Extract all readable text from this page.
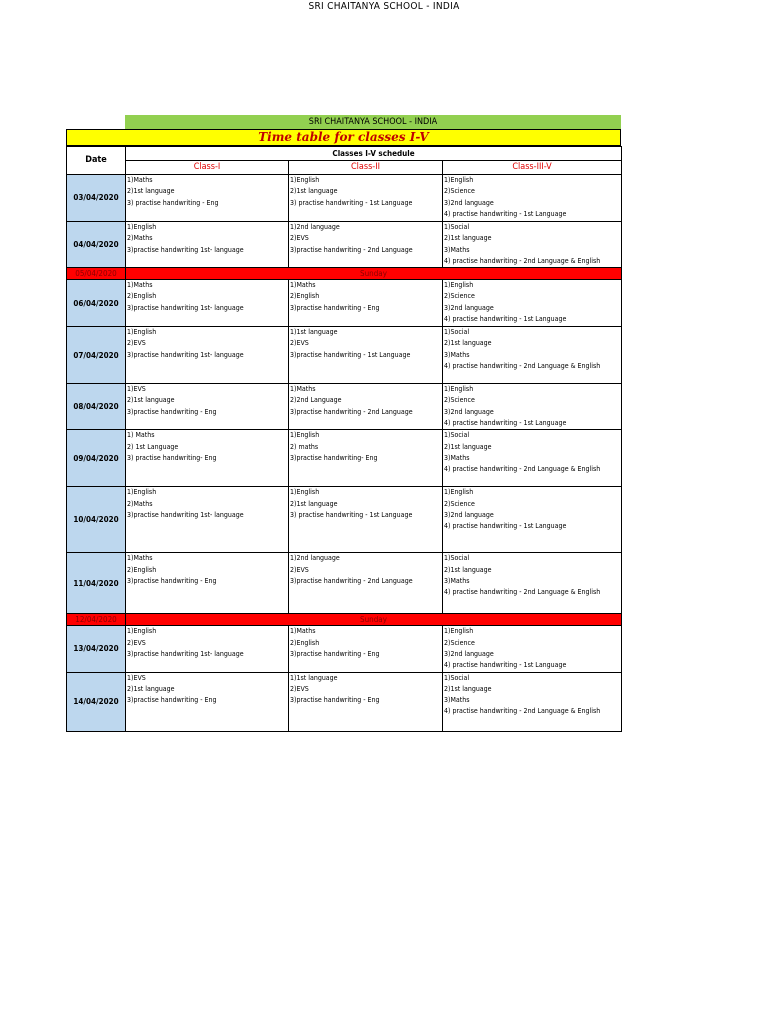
SRI CHAITANYA SCHOOL - INDIA
SRI CHAITANYA SCHOOL - INDIA
Time table for classes I-V
Date	Classes I-V schedule		
	Class-I	Class-II	Class-III-V
03/04/2020	1)Maths
2)1st language
3) practise handwriting - Eng	1)English
2)1st language
3) practise handwriting - 1st Language	1)English
2)Science
3)2nd language
4) practise handwriting - 1st Language

04/04/2020	1)English
2)Maths
3)practise handwriting 1st- language	1)2nd language
2)EVS
3)practise handwriting - 2nd Language	1)Social
2)1st language
3)Maths
4) practise handwriting - 2nd Language & English

05/04/2020	Sunday		
06/04/2020	1)Maths
2)English
3)practise handwriting 1st- language	1)Maths
2)English
3)practise handwriting - Eng	1)English
2)Science
3)2nd language
4) practise handwriting - 1st Language

07/04/2020	1)English
2)EVS
3)practise handwriting 1st- language	1)1st language
2)EVS
3)practise handwriting - 1st Language	1)Social
2)1st language
3)Maths
4) practise handwriting - 2nd Language & English

08/04/2020	1)EVS
2)1st language
3)practise handwriting - Eng	1)Maths
2)2nd Language
3)practise handwriting - 2nd Language	1)English
2)Science
3)2nd language
4) practise handwriting - 1st Language

09/04/2020	1) Maths
2) 1st Language
3) practise handwriting- Eng	1)English
2) maths
3)practise handwriting- Eng	1)Social
2)1st language
3)Maths
4) practise handwriting - 2nd Language & English

10/04/2020	1)English
2)Maths
3)practise handwriting 1st- language	1)English
2)1st language
3) practise handwriting - 1st Language	1)English
2)Science
3)2nd language
4) practise handwriting - 1st Language

11/04/2020	1)Maths
2)English
3)practise handwriting - Eng	1)2nd language
2)EVS
3)practise handwriting - 2nd Language	1)Social
2)1st language
3)Maths
4) practise handwriting - 2nd Language & English

12/04/2020	Sunday		
13/04/2020	1)English
2)EVS
3)practise handwriting 1st- language	1)Maths
2)English
3)practise handwriting - Eng	1)English
2)Science
3)2nd language
4) practise handwriting - 1st Language

14/04/2020	1)EVS
2)1st language
3)practise handwriting - Eng	1)1st language
2)EVS
3)practise handwriting - Eng	1)Social
2)1st language
3)Maths
4) practise handwriting - 2nd Language & English
